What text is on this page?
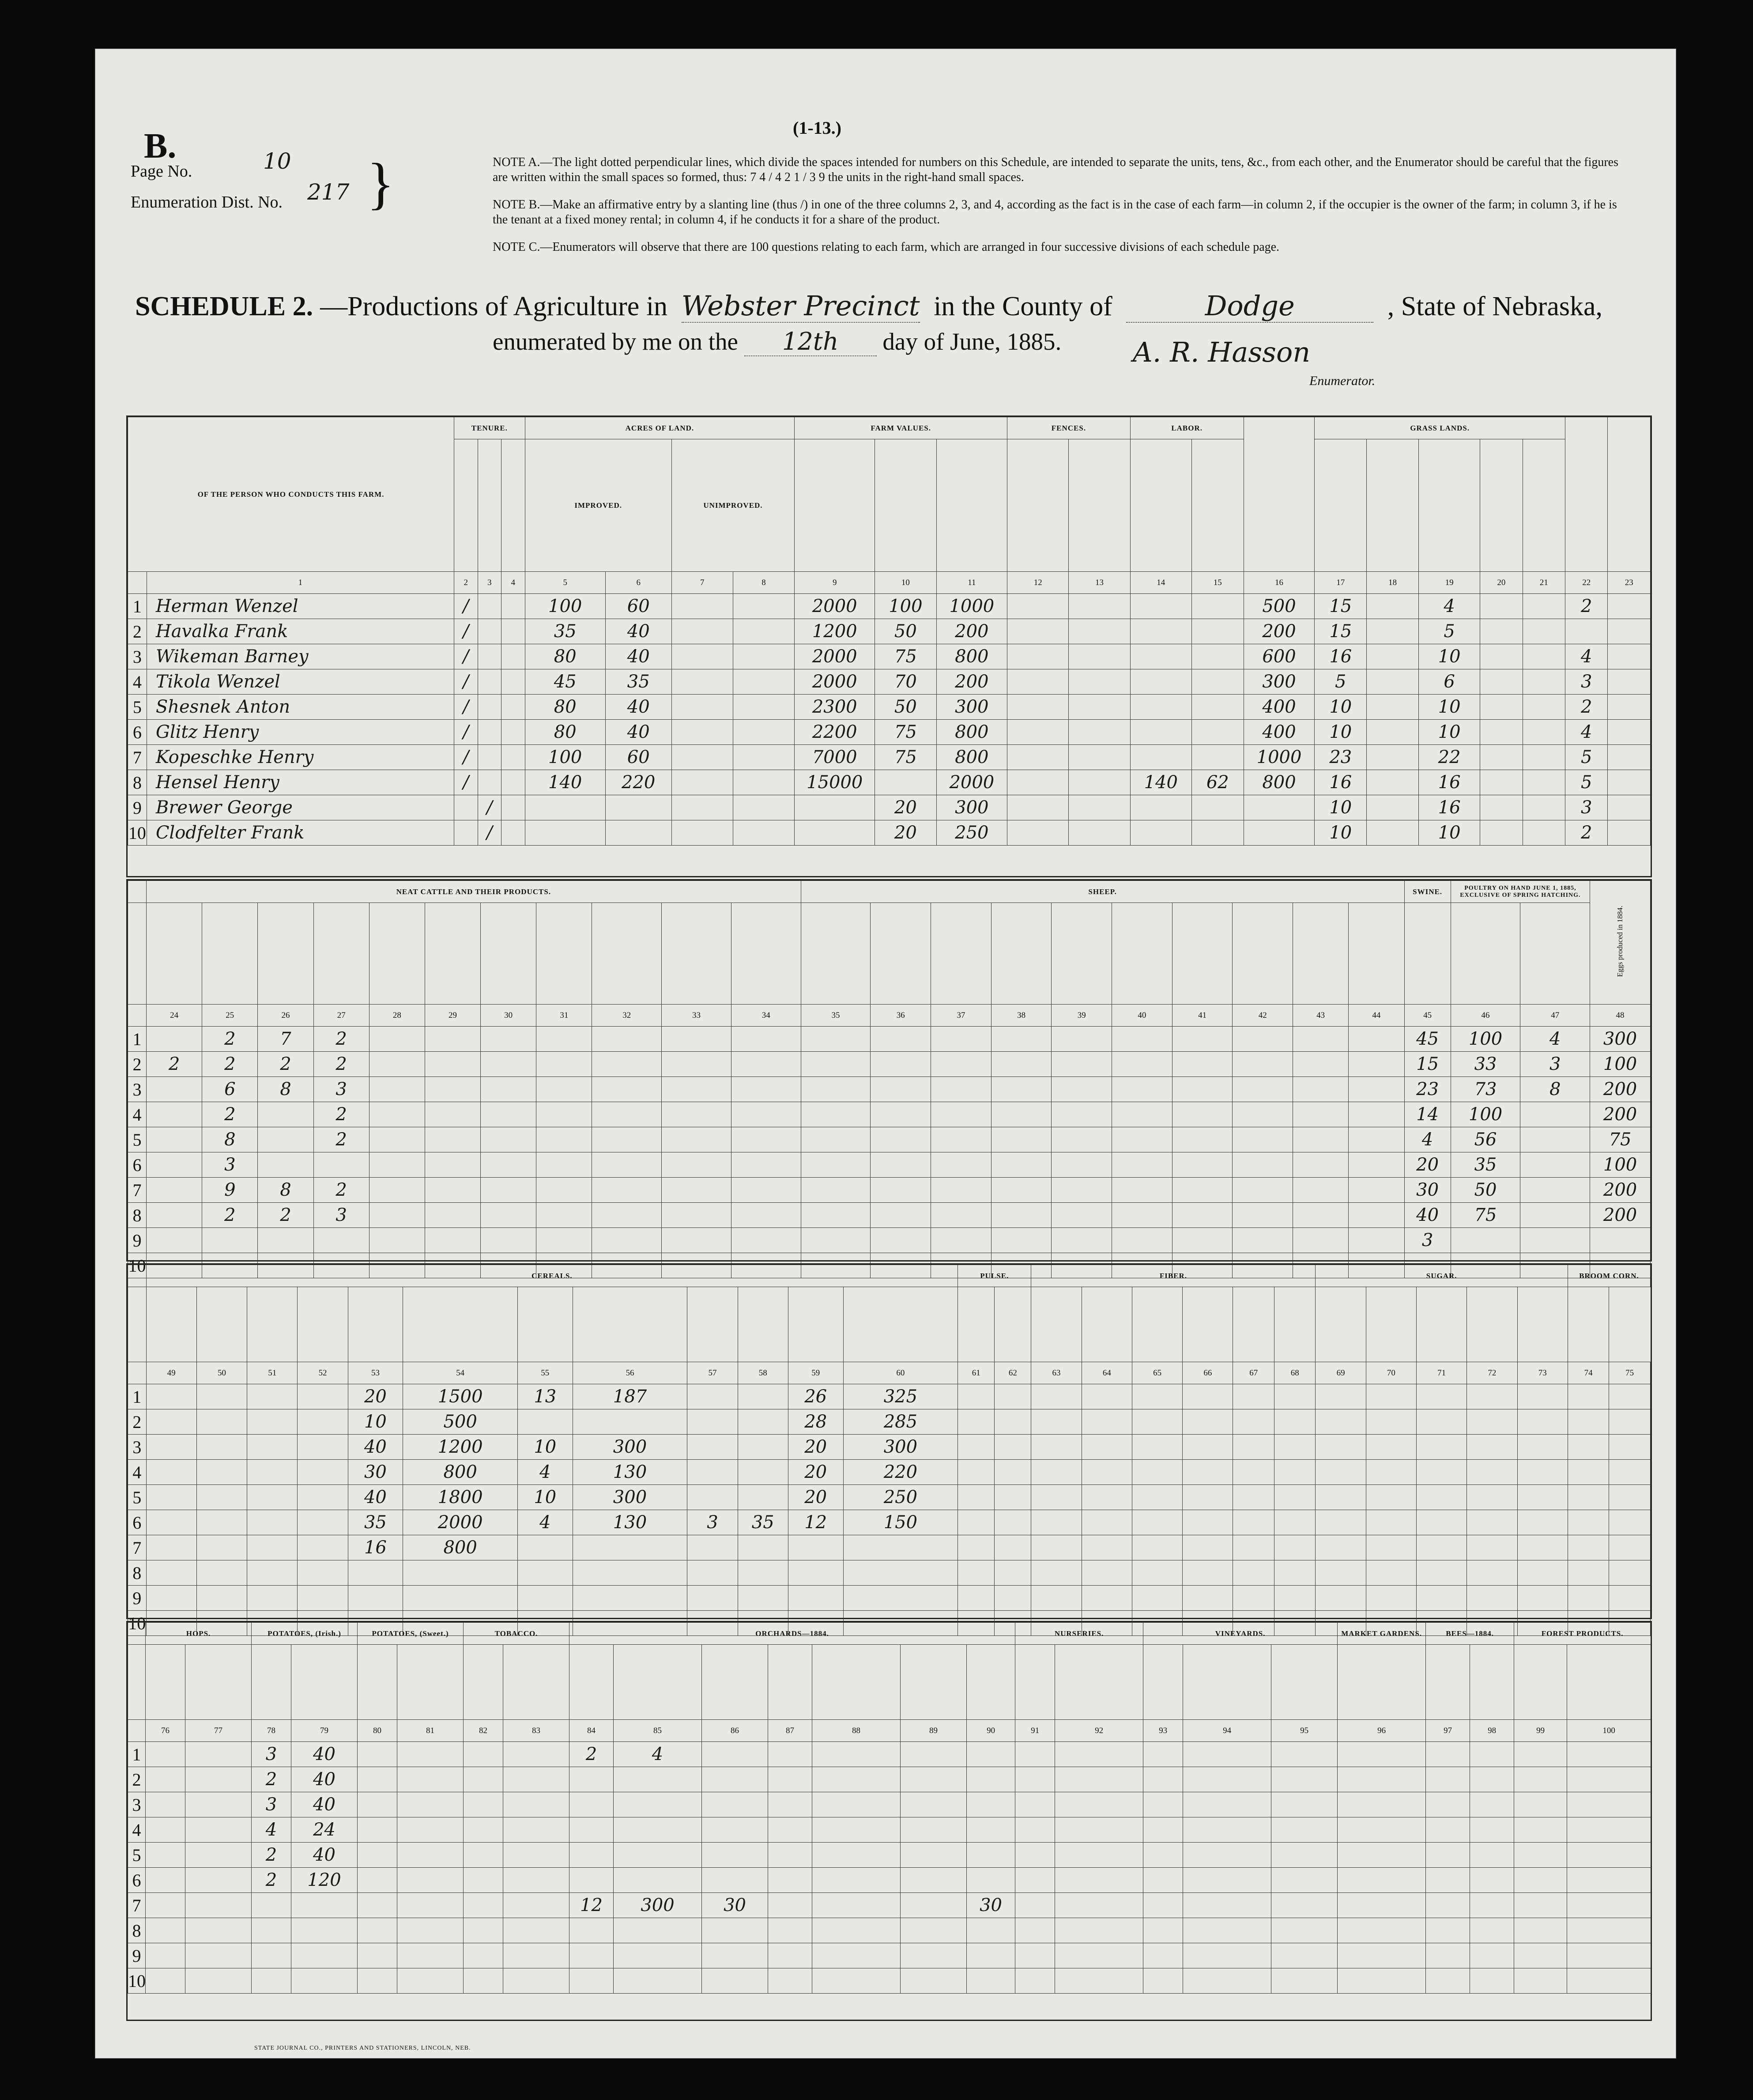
B.
Page No.	10
Enumeration Dist. No. 217 }
(1-13.)

NOTE A.—The light dotted perpendicular lines, which divide the spaces intended for numbers on this Schedule, are intended to separate the units, tens, &c., from each other, and the Enumerator should be careful that the figures are written within the small spaces so formed, thus: 7 4 / 4 2 1 / 3 9 the units in the right-hand small spaces.

NOTE B.—Make an affirmative entry by a slanting line (thus /) in one of the three columns 2, 3, and 4, according as the fact is in the case of each farm—in column 2, if the occupier is the owner of the farm; in column 3, if he is the tenant at a fixed money rental; in column 4, if he conducts it for a share of the product.

NOTE C.—Enumerators will observe that there are 100 questions relating to each farm, which are arranged in four successive divisions of each schedule page.

SCHEDULE 2. —Productions of Agriculture in Webster Precinct in the County of	Dodge	, State of Nebraska,
enumerated by me on the 12th day of June, 1885.	A. R. Hasson
Enumerator.
OF THE PERSON WHO CONDUCTS THIS FARM.		TENURE.			ACRES OF LAND.				FARM VALUES.			FENCES.		LABOR.			GRASS LANDS.						
					IMPROVED.		UNIMPROVED.																
	1	2	3	4	5	6	7	8	9	10	11	12	13	14	15	16	17	18	19	20	21	22	23
1	Herman Wenzel	/			100	60			2000	100	1000					500	15		4			2	
2	Havalka Frank	/			35	40			1200	50	200					200	15		5				
3	Wikeman Barney	/			80	40			2000	75	800					600	16		10			4	
4	Tikola Wenzel	/			45	35			2000	70	200					300	5		6			3	
5	Shesnek Anton	/			80	40			2300	50	300					400	10		10			2	
6	Glitz Henry	/			80	40			2200	75	800					400	10		10			4	
7	Kopeschke Henry	/			100	60			7000	75	800					1000	23		22			5	
8	Hensel Henry	/			140	220			15000		2000			140	62	800	16		16			5	
9	Brewer George		/							20	300						10		16			3	
10	Clodfelter Frank		/							20	250						10		10			2	
	NEAT CATTLE AND THEIR PRODUCTS.											SHEEP.										SWINE.	POULTRY ON HAND JUNE 1, 1885, EXCLUSIVE OF SPRING HATCHING.		Eggs produced in 1884.

	24	25	26	27	28	29	30	31	32	33	34	35	36	37	38	39	40	41	42	43	44	45	46	47	48
1		2	7	2																		45	100	4	300
2	2	2	2	2																		15	33	3	100
3		6	8	3																		23	73	8	200
4		2		2																		14	100		200
5		8		2																		4	56		75
6		3																				20	35		100
7		9	8	2																		30	50		200
8		2	2	3																		40	75		200
9																						3			
10																									
	CEREALS.												PULSE.		FIBER.						SUGAR.					BROOM CORN.	

	49	50	51	52	53	54	55	56	57	58	59	60	61	62	63	64	65	66	67	68	69	70	71	72	73	74	75
1					20	1500	13	187			26	325															
2					10	500					28	285															
3					40	1200	10	300			20	300															
4					30	800	4	130			20	220															
5					40	1800	10	300			20	250															
6					35	2000	4	130	3	35	12	150															
7					16	800																					
8																											
9																											
10																											
	HOPS.		POTATOES, (Irish.)		POTATOES, (Sweet.)		TOBACCO.		ORCHARDS—1884.							NURSERIES.		VINEYARDS.			MARKET GARDENS.	BEES—1884.		FOREST PRODUCTS.	

	76	77	78	79	80	81	82	83	84	85	86	87	88	89	90	91	92	93	94	95	96	97	98	99	100
1			3	40					2	4															
2			2	40																					
3			3	40																					
4			4	24																					
5			2	40																					
6			2	120																					
7									12	300	30				30										
8																									
9																									
10																									
STATE JOURNAL CO., PRINTERS AND STATIONERS, LINCOLN, NEB.
